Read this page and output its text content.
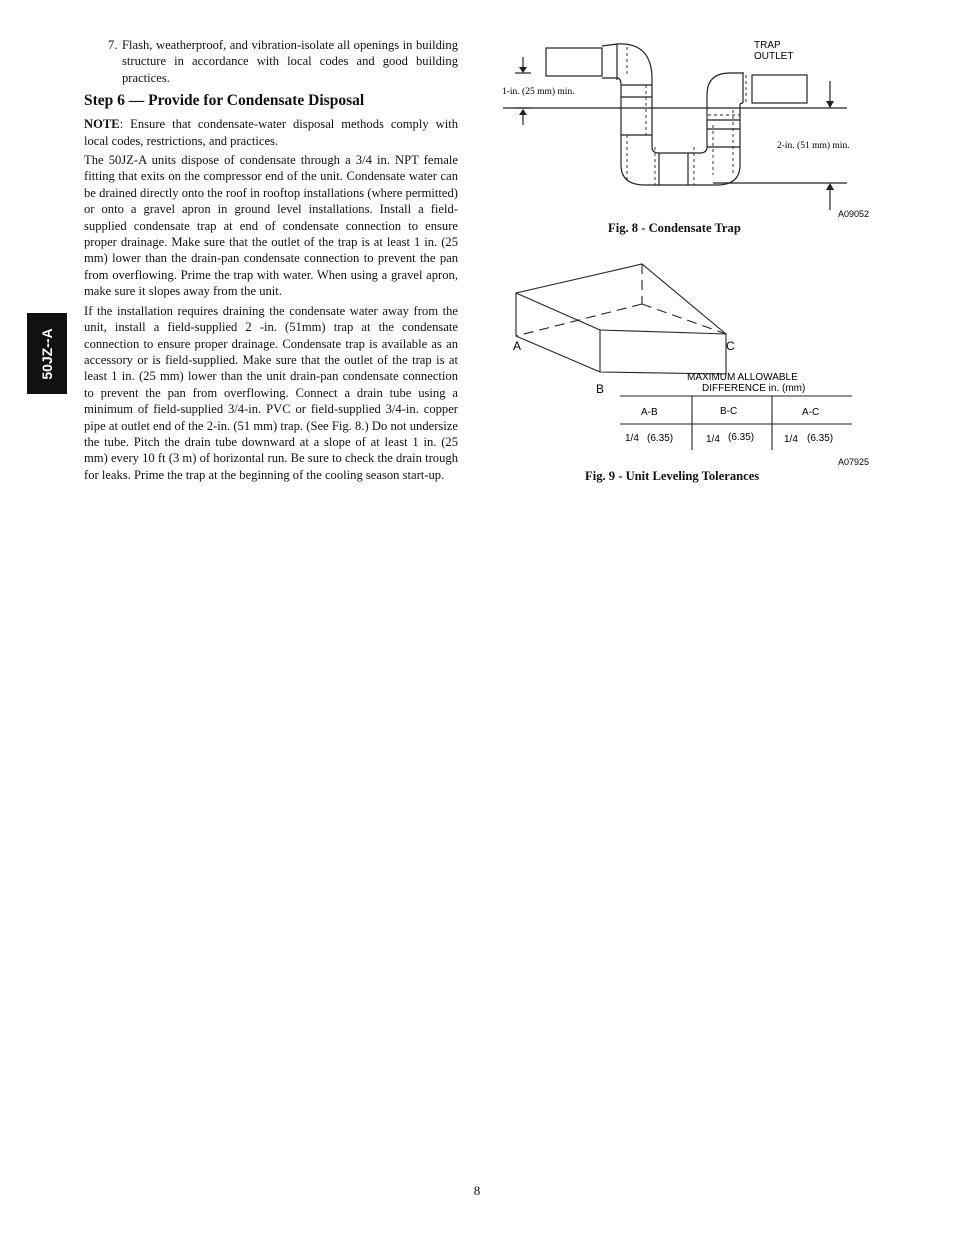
50JZ--A
7. Flash, weatherproof, and vibration-isolate all openings in building structure in accordance with local codes and good building practices.
Step 6 — Provide for Condensate Disposal

NOTE: Ensure that condensate-water disposal methods comply with local codes, restrictions, and practices.

The 50JZ-A units dispose of condensate through a 3/4 in. NPT female fitting that exits on the compressor end of the unit. Condensate water can be drained directly onto the roof in rooftop installations (where permitted) or onto a gravel apron in ground level installations. Install a field-supplied condensate trap at end of condensate connection to ensure proper drainage. Make sure that the outlet of the trap is at least 1 in. (25 mm) lower than the drain-pan condensate connection to prevent the pan from overflowing. Prime the trap with water. When using a gravel apron, make sure it slopes away from the unit.

If the installation requires draining the condensate water away from the unit, install a field-supplied 2 -in. (51mm) trap at the condensate connection to ensure proper drainage. Condensate trap is available as an accessory or is field-supplied. Make sure that the outlet of the trap is at least 1 in. (25 mm) lower than the unit drain-pan condensate connection to prevent the pan from overflowing. Connect a drain tube using a minimum of field-supplied 3/4-in. PVC or field-supplied 3/4-in. copper pipe at outlet end of the 2-in. (51 mm) trap. (See Fig. 8.) Do not undersize the tube. Pitch the drain tube downward at a slope of at least 1 in. (25 mm) every 10 ft (3 m) of horizontal run. Be sure to check the drain trough for leaks. Prime the trap at the beginning of the cooling season start-up.

TRAP
OUTLET
1-in. (25 mm) min.
2-in. (51 mm) min.
A09052
Fig. 8 - Condensate Trap
A
B
C
MAXIMUM ALLOWABLE
DIFFERENCE in. (mm)
A-B	B-C	A-C
1/4 (6.35)	1/4 (6.35)	1/4 (6.35)
A07925
Fig. 9 - Unit Leveling Tolerances
8
